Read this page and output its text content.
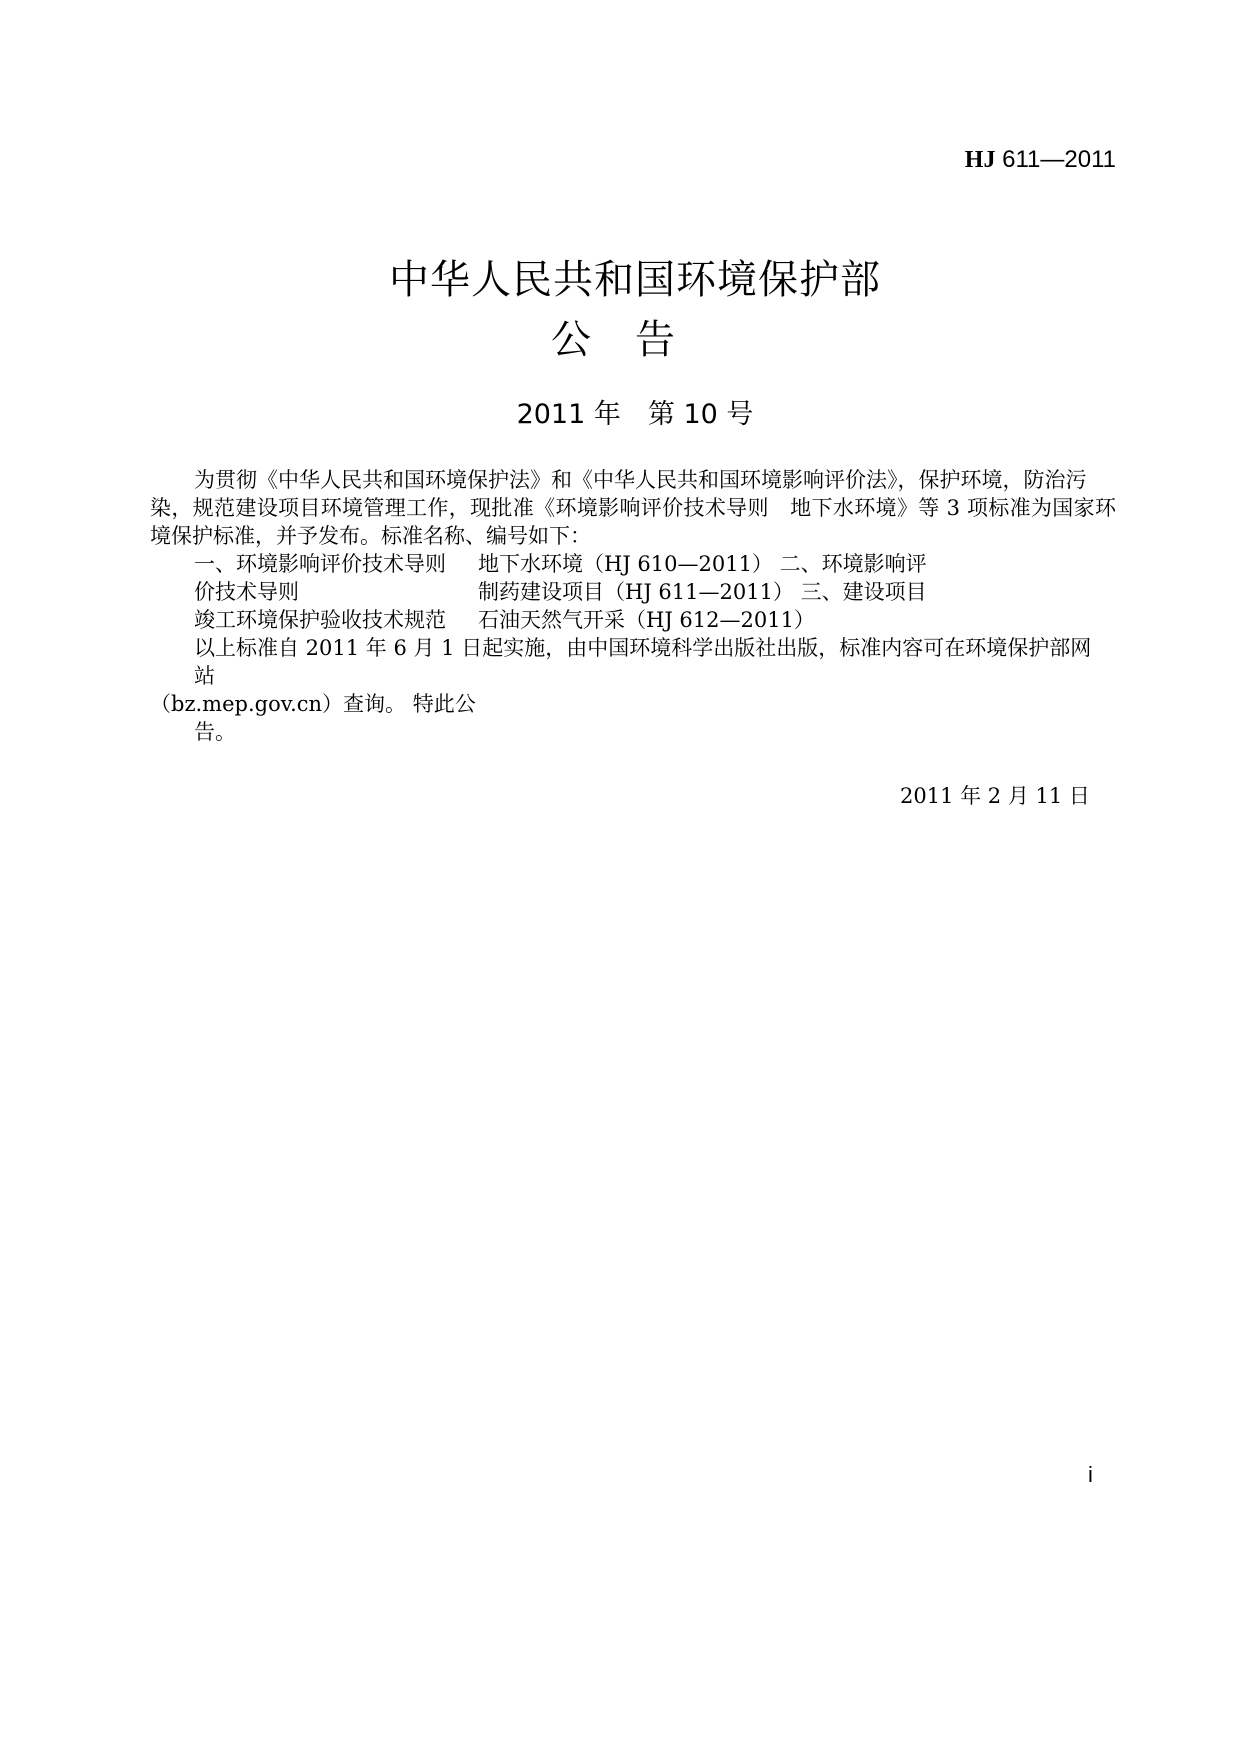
HJ 611—2011
中华人民共和国环境保护部
公告
2011 年　第 10 号
为贯彻《中华人民共和国环境保护法》和《中华人民共和国环境影响评价法》，保护环境，防治污
染，规范建设项目环境管理工作，现批准《环境影响评价技术导则　地下水环境》等 3 项标准为国家环
境保护标准，并予发布。标准名称、编号如下：
一、环境影响评价技术导则 地下水环境（HJ 610—2011） 二、环境影响评
价技术导则	制药建设项目（HJ 611—2011） 三、建设项目
竣工环境保护验收技术规范 石油天然气开采（HJ 612—2011）
以上标准自 2011 年 6 月 1 日起实施，由中国环境科学出版社出版，标准内容可在环境保护部网
站
（bz.mep.gov.cn）查询。 特此公
告。
2011 年 2 月 11 日
i
